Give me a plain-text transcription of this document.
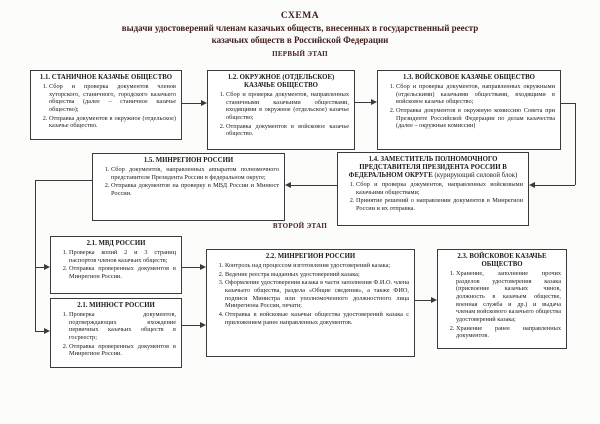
СХЕМА
выдачи удостоверений членам казачьих обществ, внесенных в государственный реестр
казачьих обществ в Российской Федерации
ПЕРВЫЙ ЭТАП
1.1. СТАНИЧНОЕ КАЗАЧЬЕ ОБЩЕСТВО
1. Сбор и проверка документов членов хуторского, станичного, городского казачьего общества (далее – станичное казачье общество);
2. Отправка документов в окружное (отдельское) казачье общество.
1.2. ОКРУЖНОЕ (ОТДЕЛЬСКОЕ) КАЗАЧЬЕ ОБЩЕСТВО
1. Сбор и проверка документов, направленных станичными казачьими обществами, входящими в окружное (отдельское) казачье общество;
2. Отправка документов в войсковое казачье общество.
1.3. ВОЙСКОВОЕ КАЗАЧЬЕ ОБЩЕСТВО
1. Сбор и проверка документов, направленных окружными (отдельскими) казачьими обществами, входящими в войсковое казачье общество;
2. Отправка документов в окружную комиссию Совета при Президенте Российской Федерации по делам казачества (далее – окружные комиссии)
1.5. МИНРЕГИОН РОССИИ
1. Сбор документов, направленных аппаратом полномочного представителя Президента России в федеральном округе;
2. Отправка документов на проверку в МВД России и Минюст России.
1.4. ЗАМЕСТИТЕЛЬ ПОЛНОМОЧНОГО ПРЕДСТАВИТЕЛЯ ПРЕЗИДЕНТА РОССИИ В ФЕДЕРАЛЬНОМ ОКРУГЕ (курирующий силовой блок)
1. Сбор и проверка документов, направленных войсковыми казачьими обществами;
2. Принятие решений о направлении документов в Минрегион России и их отправка.
ВТОРОЙ ЭТАП
2.1. МВД РОССИИ
1. Проверка копий 2 и 3 страниц паспортов членов казачьих обществ;
2. Отправка проверенных документов в Минрегион России.
2.1. МИНЮСТ РОССИИ
1. Проверка документов, подтверждающих вхождение первичных казачьих обществ в госреестр;
2. Отправка проверенных документов в Минрегион России.
2.2. МИНРЕГИОН РОССИИ
1. Контроль над процессом изготовления удостоверений казака;
2. Ведение реестра выданных удостоверений казака;
3. Оформление удостоверения казака в части заполнения Ф.И.О. члена казачьего общества, раздела «Общие сведения», а также ФИО, подписи Министра или уполномоченного должностного лица Минрегиона России, печати;
4. Отправка в войсковые казачьи общества удостоверений казака с приложением ранее направленных документов.
2.3. ВОЙСКОВОЕ КАЗАЧЬЕ ОБЩЕСТВО
1. Хранение, заполнение прочих разделов удостоверения казака (присвоение казачьих чинов, должность в казачьем обществе, военная служба и др.) и выдача членам войскового казачьего общества удостоверений казака;
2. Хранение ранее направленных документов.
